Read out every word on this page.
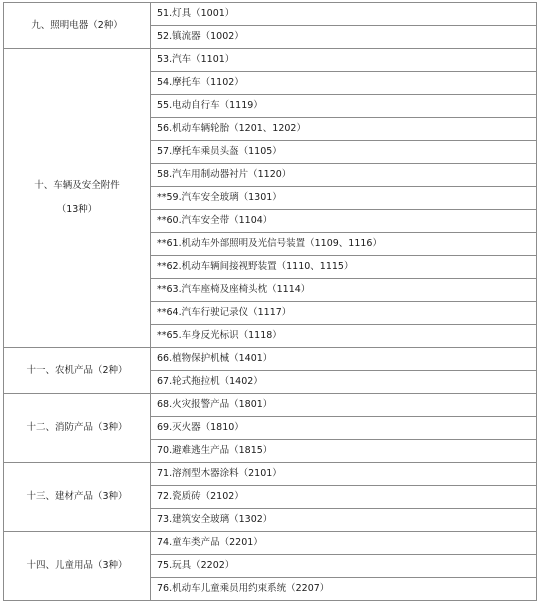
九、照明电器（2种）	51.灯具（1001）
	52.镇流器（1002）

十、车辆及安全附件
（13种）	53.汽车（1101）
	54.摩托车（1102）
	55.电动自行车（1119）
	56.机动车辆轮胎（1201、1202）
	57.摩托车乘员头盔（1105）
	58.汽车用制动器衬片（1120）
	**59.汽车安全玻璃（1301）
	**60.汽车安全带（1104）
	**61.机动车外部照明及光信号装置（1109、1116）
	**62.机动车辆间接视野装置（1110、1115）
	**63.汽车座椅及座椅头枕（1114）
	**64.汽车行驶记录仪（1117）
	**65.车身反光标识（1118）

十一、农机产品（2种）	66.植物保护机械（1401）
	67.轮式拖拉机（1402）

十二、消防产品（3种）	68.火灾报警产品（1801）
	69.灭火器（1810）
	70.避难逃生产品（1815）

十三、建材产品（3种）	71.溶剂型木器涂料（2101）
	72.瓷质砖（2102）
	73.建筑安全玻璃（1302）

十四、儿童用品（3种）	74.童车类产品（2201）
	75.玩具（2202）
	76.机动车儿童乘员用约束系统（2207）
